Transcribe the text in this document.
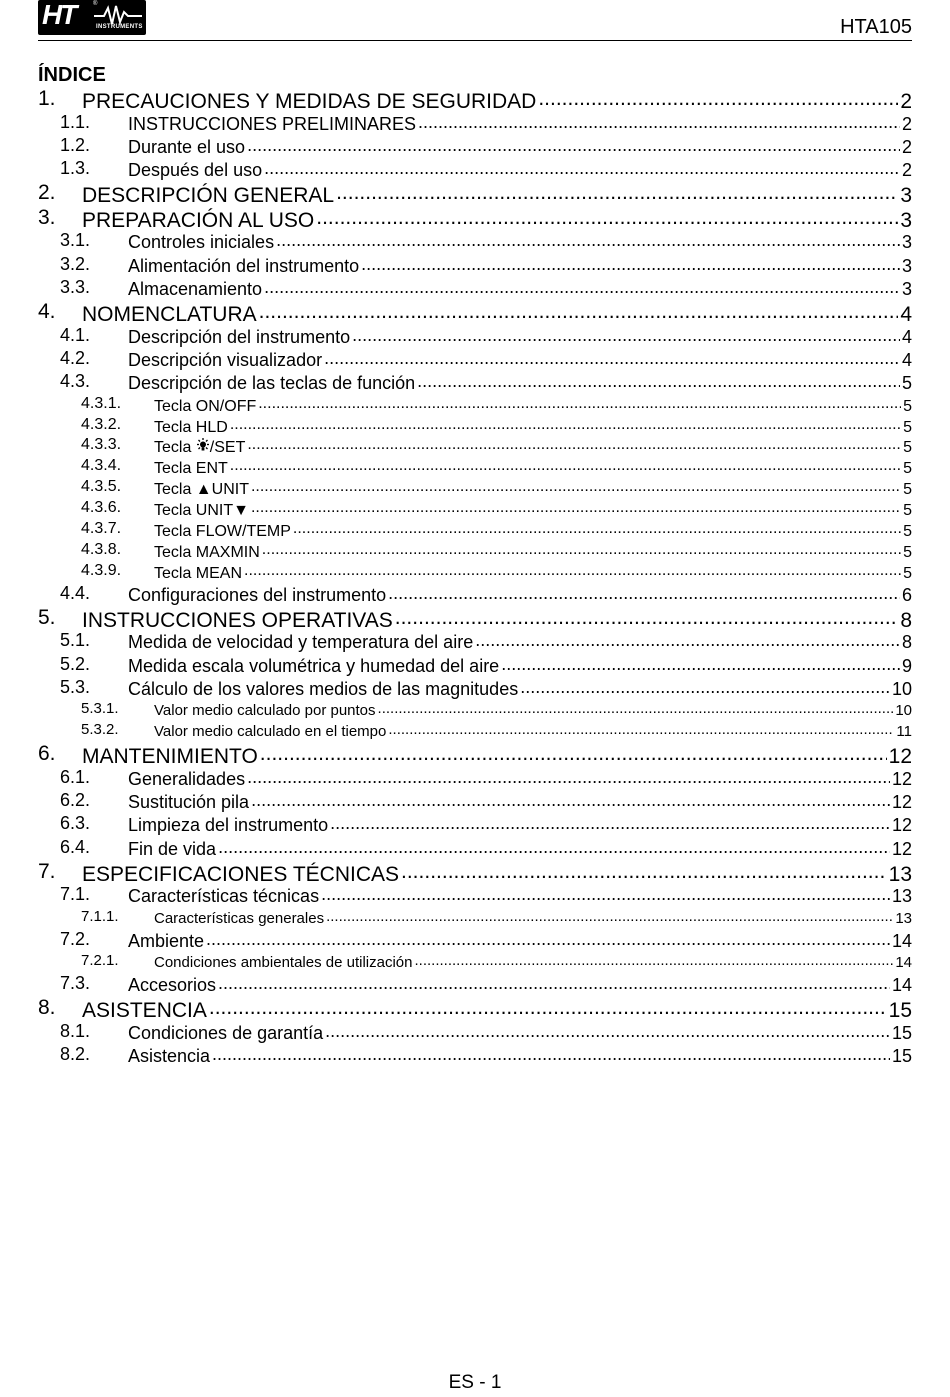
HT	®
INSTRUMENTS	HTA105
ÍNDICE
1. PRECAUCIONES Y MEDIDAS DE SEGURIDAD .....	2
1.1. INSTRUCCIONES PRELIMINARES .....	2
1.2. Durante el uso .....	2
1.3. Después del uso .....	2
2. DESCRIPCIÓN GENERAL .....	3
3. PREPARACIÓN AL USO .....	3
3.1. Controles iniciales .....	3
3.2. Alimentación del instrumento .....	3
3.3. Almacenamiento .....	3
4. NOMENCLATURA .....	4
4.1. Descripción del instrumento .....	4
4.2. Descripción visualizador .....	4
4.3. Descripción de las teclas de función .....	5
4.3.1. Tecla ON/OFF .....	5
4.3.2. Tecla HLD .....	5
4.3.3. Tecla /SET .....	5
4.3.4. Tecla ENT .....	5
4.3.5. Tecla ▲UNIT .....	5
4.3.6. Tecla UNIT▼ .....	5
4.3.7. Tecla FLOW/TEMP .....	5
4.3.8. Tecla MAXMIN .....	5
4.3.9. Tecla MEAN .....	5
4.4. Configuraciones del instrumento .....	6
5. INSTRUCCIONES OPERATIVAS .....	8
5.1. Medida de velocidad y temperatura del aire .....	8
5.2. Medida escala volumétrica y humedad del aire .....	9
5.3. Cálculo de los valores medios de las magnitudes .....	10
5.3.1. Valor medio calculado por puntos .....	10
5.3.2. Valor medio calculado en el tiempo .....	11
6. MANTENIMIENTO .....	12
6.1. Generalidades .....	12
6.2. Sustitución pila .....	12
6.3. Limpieza del instrumento .....	12
6.4. Fin de vida .....	12
7. ESPECIFICACIONES TÉCNICAS .....	13
7.1. Características técnicas .....	13
7.1.1. Características generales .....	13
7.2. Ambiente .....	14
7.2.1. Condiciones ambientales de utilización .....	14
7.3. Accesorios .....	14
8. ASISTENCIA .....	15
8.1. Condiciones de garantía .....	15
8.2. Asistencia .....	15
ES - 1
